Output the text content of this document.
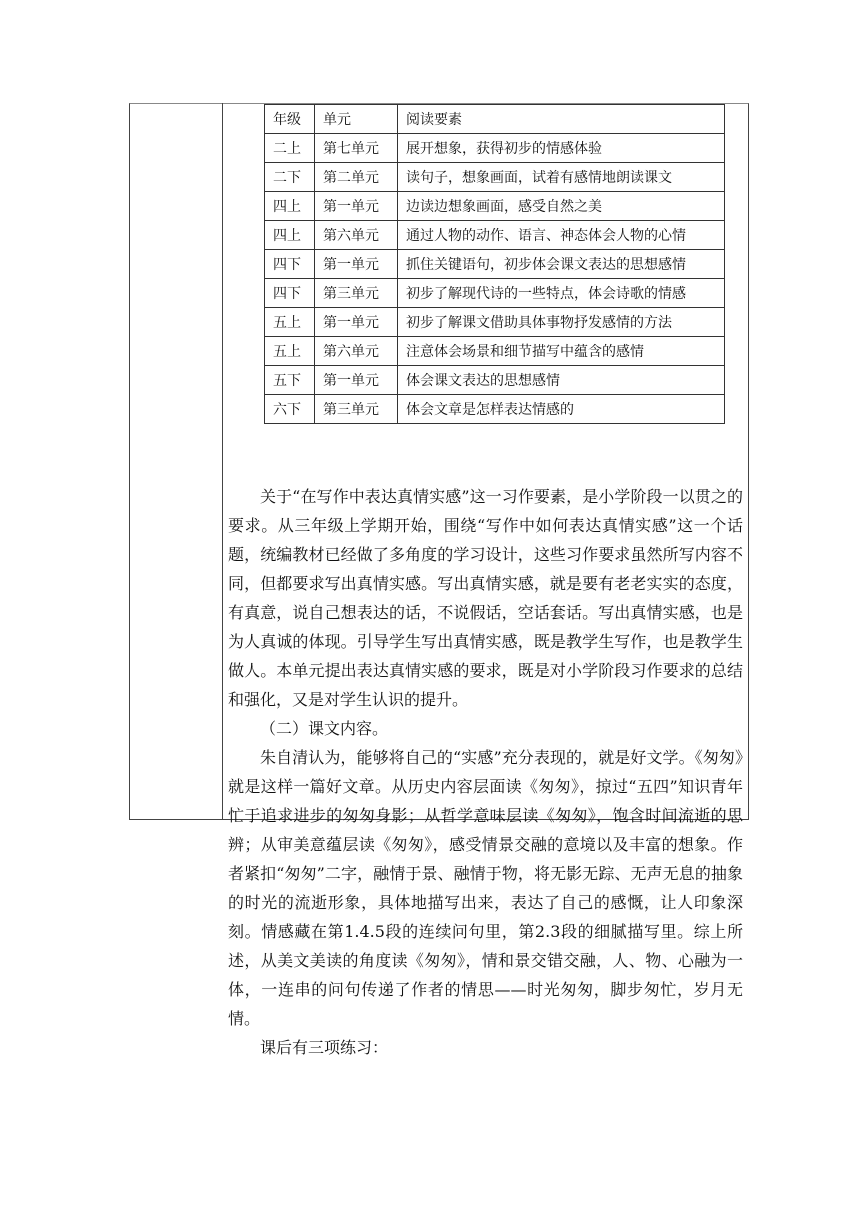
年级	单元	阅读要素
二上	第七单元	展开想象，获得初步的情感体验
二下	第二单元	读句子，想象画面，试着有感情地朗读课文
四上	第一单元	边读边想象画面，感受自然之美
四上	第六单元	通过人物的动作、语言、神态体会人物的心情
四下	第一单元	抓住关键语句，初步体会课文表达的思想感情
四下	第三单元	初步了解现代诗的一些特点，体会诗歌的情感
五上	第一单元	初步了解课文借助具体事物抒发感情的方法
五上	第六单元	注意体会场景和细节描写中蕴含的感情
五下	第一单元	体会课文表达的思想感情
六下	第三单元	体会文章是怎样表达情感的

关于“在写作中表达真情实感”这一习作要素，是小学阶段一以贯之的要求。从三年级上学期开始，围绕“写作中如何表达真情实感”这一个话题，统编教材已经做了多角度的学习设计，这些习作要求虽然所写内容不同，但都要求写出真情实感。写出真情实感，就是要有老老实实的态度，有真意，说自己想表达的话，不说假话，空话套话。写出真情实感，也是为人真诚的体现。引导学生写出真情实感，既是教学生写作，也是教学生做人。本单元提出表达真情实感的要求，既是对小学阶段习作要求的总结和强化，又是对学生认识的提升。

（二）课文内容。

朱自清认为，能够将自己的“实感”充分表现的，就是好文学。《匆匆》就是这样一篇好文章。从历史内容层面读《匆匆》，掠过“五四”知识青年忙于追求进步的匆匆身影；从哲学意味层读《匆匆》，饱含时间流逝的思辨；从审美意蕴层读《匆匆》，感受情景交融的意境以及丰富的想象。作者紧扣“匆匆”二字，融情于景、融情于物，将无影无踪、无声无息的抽象的时光的流逝形象，具体地描写出来，表达了自己的感慨，让人印象深刻。情感藏在第1.4.5段的连续问句里，第2.3段的细腻描写里。综上所述，从美文美读的角度读《匆匆》，情和景交错交融，人、物、心融为一体，一连串的问句传递了作者的情思——时光匆匆，脚步匆忙，岁月无情。

课后有三项练习：
